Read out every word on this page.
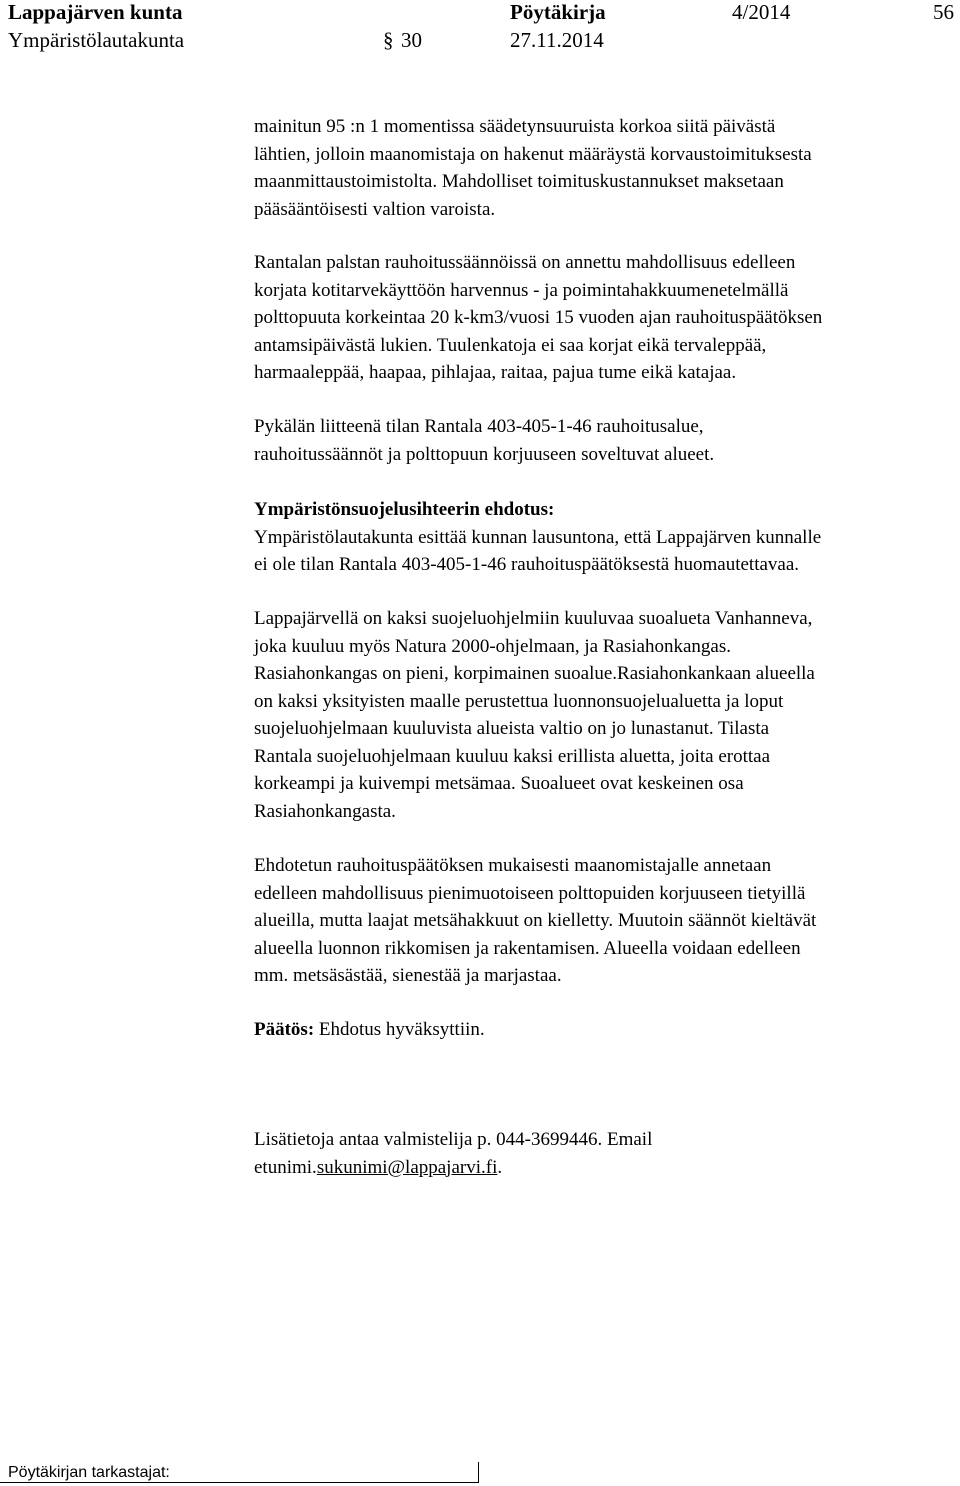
Lappajärven kunta	Pöytäkirja	4/2014	56
Ympäristölautakunta	§ 30	27.11.2014
mainitun 95 :n 1 momentissa säädetynsuuruista korkoa siitä päivästä
lähtien, jolloin maanomistaja on hakenut määräystä korvaustoimituksesta
maanmittaustoimistolta. Mahdolliset toimituskustannukset maksetaan
pääsääntöisesti valtion varoista.
Rantalan palstan rauhoitussäännöissä on annettu mahdollisuus edelleen
korjata kotitarvekäyttöön harvennus - ja poimintahakkuumenetelmällä
polttopuuta korkeintaa 20 k-km3/vuosi 15 vuoden ajan rauhoituspäätöksen
antamsipäivästä lukien. Tuulenkatoja ei saa korjat eikä tervaleppää,
harmaaleppää, haapaa, pihlajaa, raitaa, pajua tume eikä katajaa.
Pykälän liitteenä tilan Rantala 403-405-1-46 rauhoitusalue,
rauhoitussäännöt ja polttopuun korjuuseen soveltuvat alueet.
Ympäristönsuojelusihteerin ehdotus:
Ympäristölautakunta esittää kunnan lausuntona, että Lappajärven kunnalle
ei ole tilan Rantala 403-405-1-46 rauhoituspäätöksestä huomautettavaa.
Lappajärvellä on kaksi suojeluohjelmiin kuuluvaa suoalueta Vanhanneva,
joka kuuluu myös Natura 2000-ohjelmaan, ja Rasiahonkangas.
Rasiahonkangas on pieni, korpimainen suoalue.Rasiahonkankaan alueella
on kaksi yksityisten maalle perustettua luonnonsuojelualuetta ja loput
suojeluohjelmaan kuuluvista alueista valtio on jo lunastanut. Tilasta
Rantala suojeluohjelmaan kuuluu kaksi erillista aluetta, joita erottaa
korkeampi ja kuivempi metsämaa. Suoalueet ovat keskeinen osa
Rasiahonkangasta.
Ehdotetun rauhoituspäätöksen mukaisesti maanomistajalle annetaan
edelleen mahdollisuus pienimuotoiseen polttopuiden korjuuseen tietyillä
alueilla, mutta laajat metsähakkuut on kielletty. Muutoin säännöt kieltävät
alueella luonnon rikkomisen ja rakentamisen. Alueella voidaan edelleen
mm. metsäsästää, sienestää ja marjastaa.
Päätös: Ehdotus hyväksyttiin.
Lisätietoja antaa valmistelija p. 044-3699446. Email
etunimi.sukunimi@lappajarvi.fi.
Pöytäkirjan tarkastajat:
